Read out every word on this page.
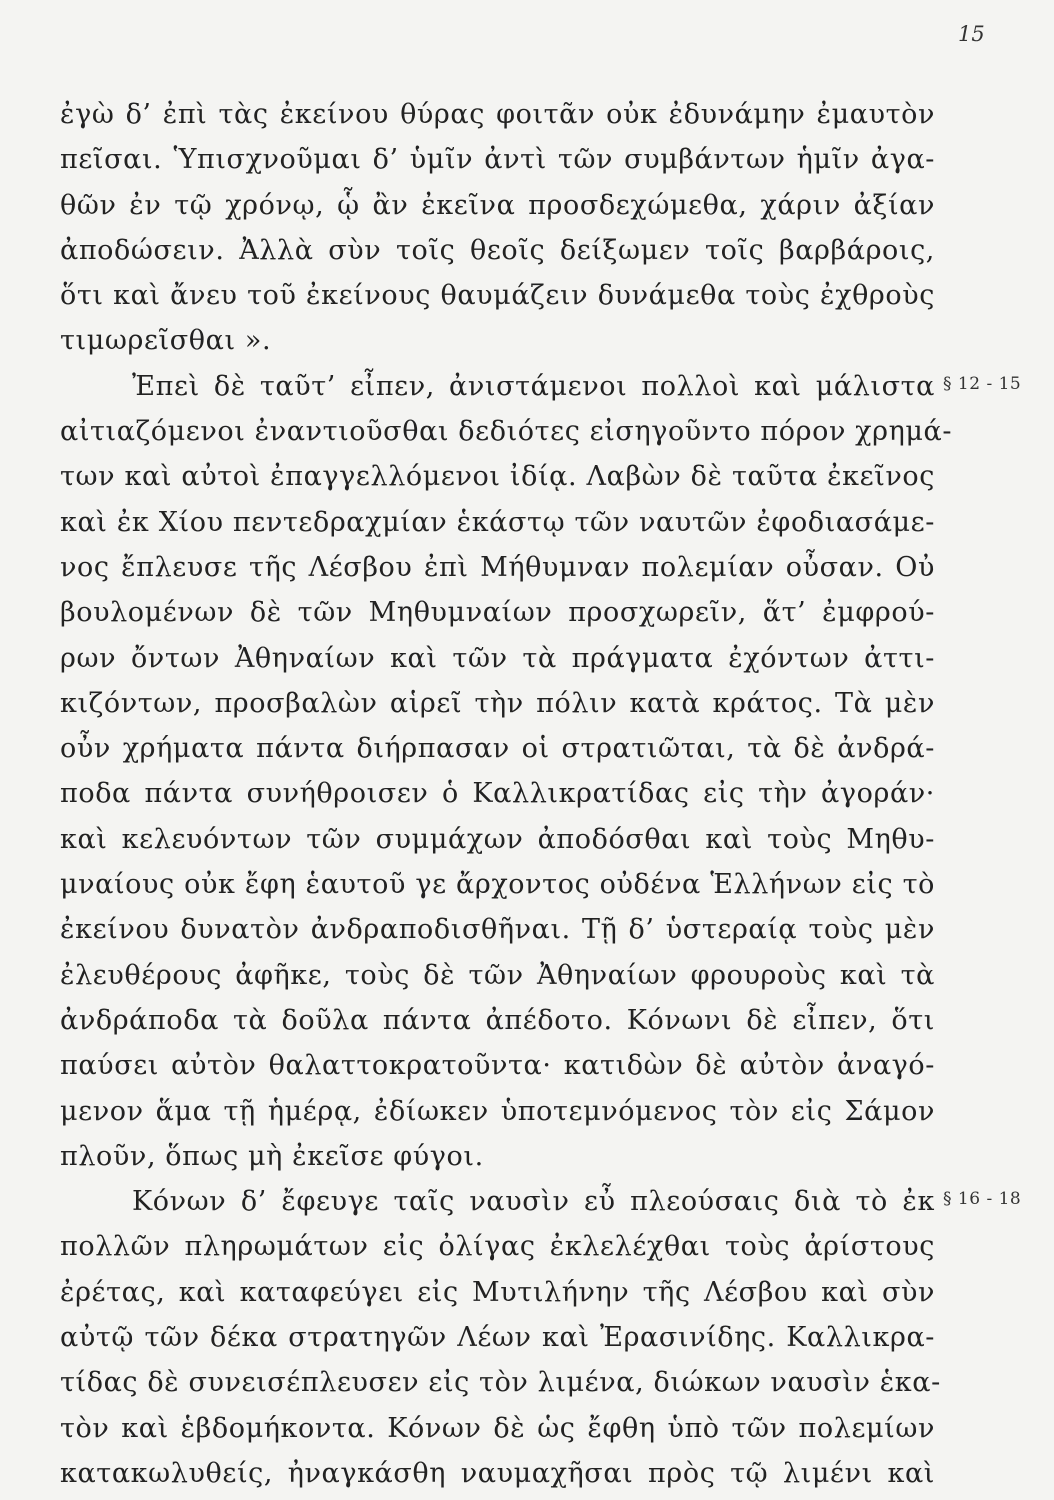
15
ἐγὼ δ’ ἐπὶ τὰς ἐκείνου θύρας φοιτᾶν οὐκ ἐδυνάμην ἐμαυτὸν
πεῖσαι. Ὑπισχνοῦμαι δ’ ὑμῖν ἀντὶ τῶν συμβάντων ἡμῖν ἀγα-
θῶν ἐν τῷ χρόνῳ, ᾧ ἂν ἐκεῖνα προσδεχώμεθα, χάριν ἀξίαν
ἀποδώσειν. Ἀλλὰ σὺν τοῖς θεοῖς δείξωμεν τοῖς βαρβάροις,
ὅτι καὶ ἄνευ τοῦ ἐκείνους θαυμάζειν δυνάμεθα τοὺς ἐχθροὺς
τιμωρεῖσθαι ».
Ἐπεὶ δὲ ταῦτ’ εἶπεν, ἀνιστάμενοι πολλοὶ καὶ μάλιστα
αἰτιαζόμενοι ἐναντιοῦσθαι δεδιότες εἰσηγοῦντο πόρον χρημά-
των καὶ αὐτοὶ ἐπαγγελλόμενοι ἰδίᾳ. Λαβὼν δὲ ταῦτα ἐκεῖνος
καὶ ἐκ Χίου πεντεδραχμίαν ἑκάστῳ τῶν ναυτῶν ἐφοδιασάμε-
νος ἔπλευσε τῆς Λέσβου ἐπὶ Μήθυμναν πολεμίαν οὖσαν. Οὐ
βουλομένων δὲ τῶν Μηθυμναίων προσχωρεῖν, ἅτ’ ἐμφρού-
ρων ὄντων Ἀθηναίων καὶ τῶν τὰ πράγματα ἐχόντων ἀττι-
κιζόντων, προσβαλὼν αἱρεῖ τὴν πόλιν κατὰ κράτος. Τὰ μὲν
οὖν χρήματα πάντα διήρπασαν οἱ στρατιῶται, τὰ δὲ ἀνδρά-
ποδα πάντα συνήθροισεν ὁ Καλλικρατίδας εἰς τὴν ἀγοράν·
καὶ κελευόντων τῶν συμμάχων ἀποδόσθαι καὶ τοὺς Μηθυ-
μναίους οὐκ ἔφη ἑαυτοῦ γε ἄρχοντος οὐδένα Ἑλλήνων εἰς τὸ
ἐκείνου δυνατὸν ἀνδραποδισθῆναι. Τῇ δ’ ὑστεραίᾳ τοὺς μὲν
ἐλευθέρους ἀφῆκε, τοὺς δὲ τῶν Ἀθηναίων φρουροὺς καὶ τὰ
ἀνδράποδα τὰ δοῦλα πάντα ἀπέδοτο. Κόνωνι δὲ εἶπεν, ὅτι
παύσει αὐτὸν θαλαττοκρατοῦντα· κατιδὼν δὲ αὐτὸν ἀναγό-
μενον ἅμα τῇ ἡμέρᾳ, ἐδίωκεν ὑποτεμνόμενος τὸν εἰς Σάμον
πλοῦν, ὅπως μὴ ἐκεῖσε φύγοι.
Κόνων δ’ ἔφευγε ταῖς ναυσὶν εὖ πλεούσαις διὰ τὸ ἐκ
πολλῶν πληρωμάτων εἰς ὀλίγας ἐκλελέχθαι τοὺς ἀρίστους
ἐρέτας, καὶ καταφεύγει εἰς Μυτιλήνην τῆς Λέσβου καὶ σὺν
αὐτῷ τῶν δέκα στρατηγῶν Λέων καὶ Ἐρασινίδης. Καλλικρα-
τίδας δὲ συνεισέπλευσεν εἰς τὸν λιμένα, διώκων ναυσὶν ἑκα-
τὸν καὶ ἑβδομήκοντα. Κόνων δὲ ὡς ἔφθη ὑπὸ τῶν πολεμίων
κατακωλυθείς, ἠναγκάσθη ναυμαχῆσαι πρὸς τῷ λιμένι καὶ
§ 12 - 15
§ 16 - 18
